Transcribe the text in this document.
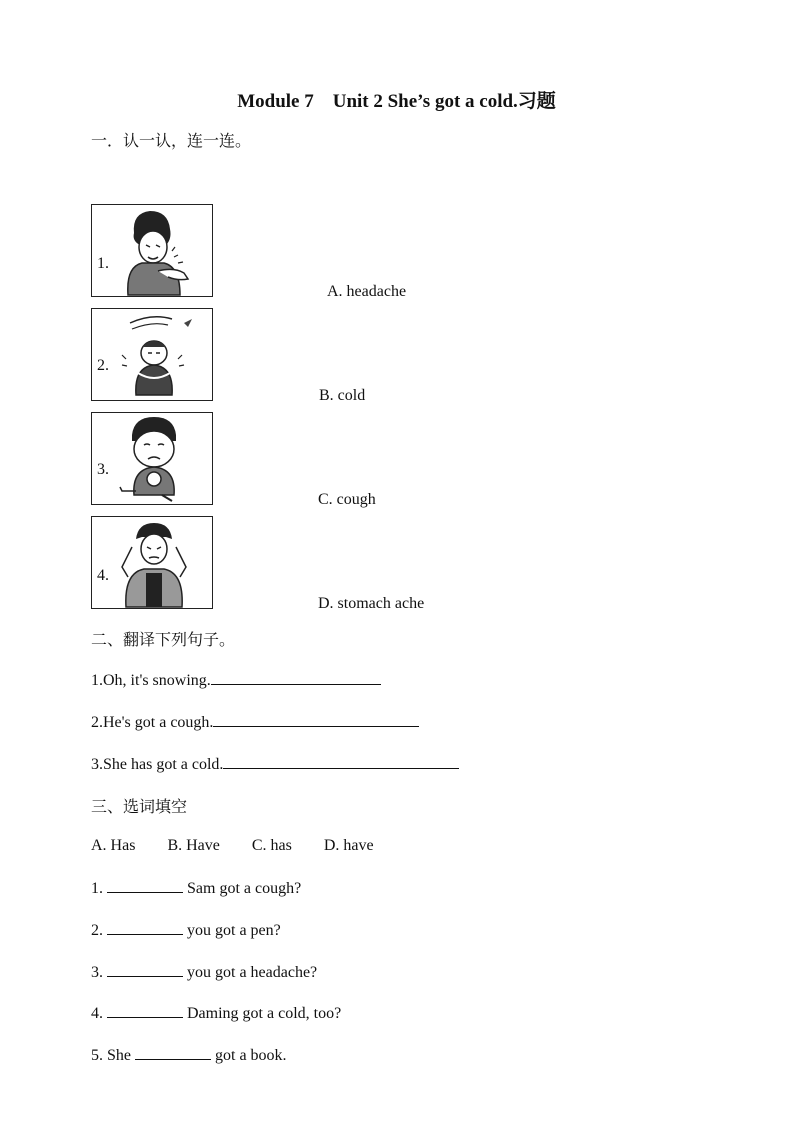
Module 7　Unit 2 She’s got a cold.习题
一．认一认，连一连。
1.
2.
3.
4.
A. headache
B. cold
C. cough
D. stomach ache
二、翻译下列句子。
1.Oh, it's snowing.
2.He's got a cough.
3.She has got a cold.
三、选词填空
A. Has B. Have C. has D. have
1.	Sam got a cough?
2.	you got a pen?
3.	you got a headache?
4.	Daming got a cold, too?
5. She	got a book.
